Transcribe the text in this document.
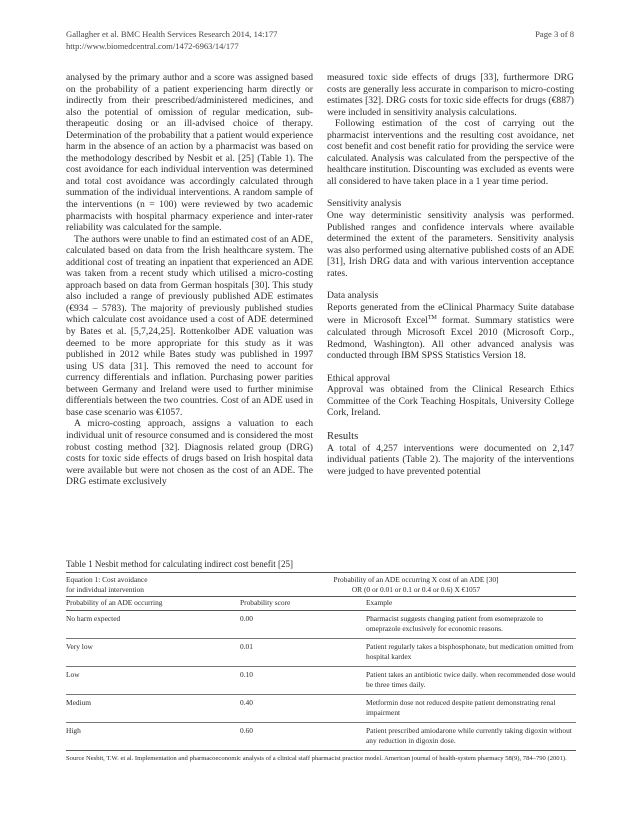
Gallagher et al. BMC Health Services Research 2014, 14:177
http://www.biomedcentral.com/1472-6963/14/177
Page 3 of 8

analysed by the primary author and a score was assigned based on the probability of a patient experiencing harm directly or indirectly from their prescribed/administered medicines, and also the potential of omission of regular medication, sub-therapeutic dosing or an ill-advised choice of therapy. Determination of the probability that a patient would experience harm in the absence of an action by a pharmacist was based on the methodology described by Nesbit et al. [25] (Table 1). The cost avoidance for each individual intervention was determined and total cost avoidance was accordingly calculated through summation of the individual interventions. A random sample of the interventions (n = 100) were reviewed by two academic pharmacists with hospital pharmacy experience and inter-rater reliability was calculated for the sample.

The authors were unable to find an estimated cost of an ADE, calculated based on data from the Irish healthcare system. The additional cost of treating an inpatient that experienced an ADE was taken from a recent study which utilised a micro-costing approach based on data from German hospitals [30]. This study also included a range of previously published ADE estimates (€934 – 5783). The majority of previously published studies which calculate cost avoidance used a cost of ADE determined by Bates et al. [5,7,24,25]. Rottenkolber ADE valuation was deemed to be more appropriate for this study as it was published in 2012 while Bates study was published in 1997 using US data [31]. This removed the need to account for currency differentials and inflation. Purchasing power parities between Germany and Ireland were used to further minimise differentials between the two countries. Cost of an ADE used in base case scenario was €1057.

A micro-costing approach, assigns a valuation to each individual unit of resource consumed and is considered the most robust costing method [32]. Diagnosis related group (DRG) costs for toxic side effects of drugs based on Irish hospital data were available but were not chosen as the cost of an ADE. The DRG estimate exclusively

measured toxic side effects of drugs [33], furthermore DRG costs are generally less accurate in comparison to micro-costing estimates [32]. DRG costs for toxic side effects for drugs (€887) were included in sensitivity analysis calculations.

Following estimation of the cost of carrying out the pharmacist interventions and the resulting cost avoidance, net cost benefit and cost benefit ratio for providing the service were calculated. Analysis was calculated from the perspective of the healthcare institution. Discounting was excluded as events were all considered to have taken place in a 1 year time period.

Sensitivity analysis

One way deterministic sensitivity analysis was performed. Published ranges and confidence intervals where available determined the extent of the parameters. Sensitivity analysis was also performed using alternative published costs of an ADE [31], Irish DRG data and with various intervention acceptance rates.

Data analysis

Reports generated from the eClinical Pharmacy Suite database were in Microsoft Excel™ format. Summary statistics were calculated through Microsoft Excel 2010 (Microsoft Corp., Redmond, Washington). All other advanced analysis was conducted through IBM SPSS Statistics Version 18.

Ethical approval

Approval was obtained from the Clinical Research Ethics Committee of the Cork Teaching Hospitals, University College Cork, Ireland.

Results

A total of 4,257 interventions were documented on 2,147 individual patients (Table 2). The majority of the interventions were judged to have prevented potential

Table 1 Nesbit method for calculating indirect cost benefit [25]
Equation 1: Cost avoidance
for individual intervention
Probability of an ADE occurring X cost of an ADE [30]
OR (0 or 0.01 or 0.1 or 0.4 or 0.6) X €1057
Probability of an ADE occurring	Probability score	Example
No harm expected	0.00	Pharmacist suggests changing patient from esomeprazole to omeprazole exclusively for economic reasons.
Very low	0.01	Patient regularly takes a bisphosphonate, but medication omitted from hospital kardex
Low	0.10	Patient takes an antibiotic twice daily. when recommended dose would be three times daily.
Medium	0.40	Metformin dose not reduced despite patient demonstrating renal impairment
High	0.60	Patient prescribed amiodarone while currently taking digoxin without any reduction in digoxin dose.
Source Nesbit, T.W. et al. Implementation and pharmacoeconomic analysis of a clinical staff pharmacist practice model. American journal of health-system pharmacy 58(9), 784–790 (2001).
